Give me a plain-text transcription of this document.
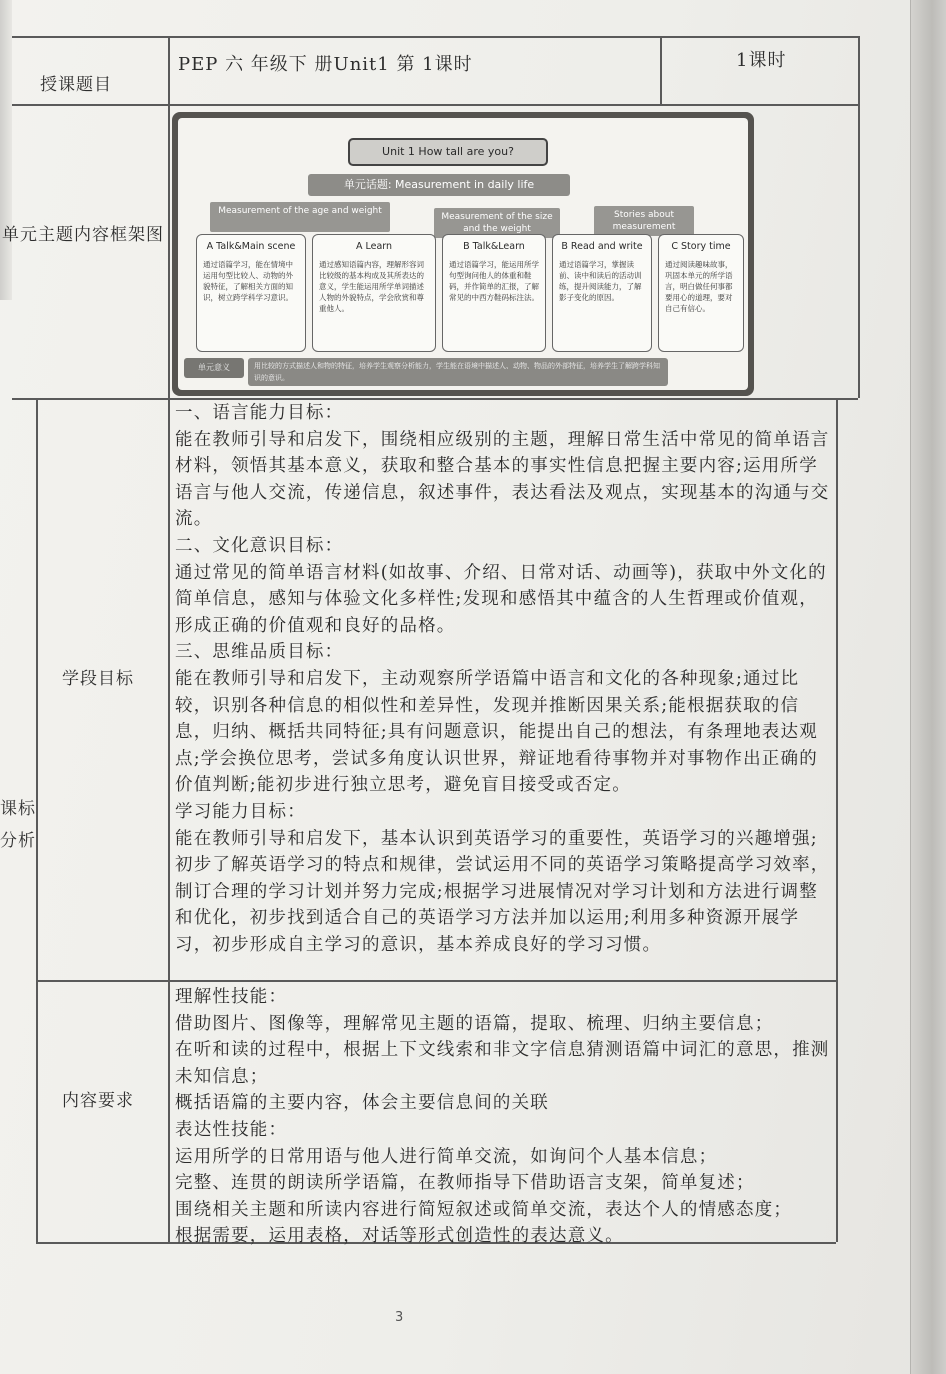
授课题目
PEP 六 年级下 册Unit1 第 1课时	1课时
单元主题内容框架图
Unit 1 How tall are you?
单元话题: Measurement in daily life
Measurement of the age and weight
Measurement of the size and the weight
Stories about measurement
A Talk&Main scene
通过语篇学习，能在情境中运用句型比较人、动物的外貌特征，了解相关方面的知识，树立跨学科学习意识。
A Learn
通过感知语篇内容，理解形容词比较级的基本构成及其所表达的意义，学生能运用所学单词描述人物的外貌特点，学会欣赏和尊重他人。
B Talk&Learn
通过语篇学习，能运用所学句型询问他人的体重和鞋码，并作简单的汇报，了解常见的中西方鞋码标注法。
B Read and write
通过语篇学习，掌握读前、读中和读后的活动训练，提升阅读能力，了解影子变化的原因。
C Story time
通过阅读趣味故事，巩固本单元的所学语言，明白做任何事都要用心的道理，要对自己有信心。
单元意义	用比较的方式描述人和物的特征，培养学生观察分析能力，学生能在语境中描述人、动物、物品的外部特征，培养学生了解跨学科知识的意识。
课标
分析
学段目标
内容要求
一、语言能力目标：
能在教师引导和启发下，围绕相应级别的主题，理解日常生活中常见的简单语言材料，领悟其基本意义，获取和整合基本的事实性信息把握主要内容;运用所学语言与他人交流，传递信息，叙述事件，表达看法及观点，实现基本的沟通与交流。
二、文化意识目标：
通过常见的简单语言材料(如故事、介绍、日常对话、动画等)，获取中外文化的简单信息，感知与体验文化多样性;发现和感悟其中蕴含的人生哲理或价值观，形成正确的价值观和良好的品格。
三、思维品质目标：
能在教师引导和启发下，主动观察所学语篇中语言和文化的各种现象;通过比较，识别各种信息的相似性和差异性，发现并推断因果关系;能根据获取的信息，归纳、概括共同特征;具有问题意识，能提出自己的想法，有条理地表达观点;学会换位思考，尝试多角度认识世界，辩证地看待事物并对事物作出正确的价值判断;能初步进行独立思考，避免盲目接受或否定。
学习能力目标：
能在教师引导和启发下，基本认识到英语学习的重要性，英语学习的兴趣增强;初步了解英语学习的特点和规律，尝试运用不同的英语学习策略提高学习效率，制订合理的学习计划并努力完成;根据学习进展情况对学习计划和方法进行调整和优化，初步找到适合自己的英语学习方法并加以运用;利用多种资源开展学习，初步形成自主学习的意识，基本养成良好的学习习惯。
理解性技能：
借助图片、图像等，理解常见主题的语篇，提取、梳理、归纳主要信息；
在听和读的过程中，根据上下文线索和非文字信息猜测语篇中词汇的意思，推测未知信息；
概括语篇的主要内容，体会主要信息间的关联
表达性技能：
运用所学的日常用语与他人进行简单交流，如询问个人基本信息；
完整、连贯的朗读所学语篇，在教师指导下借助语言支架，简单复述；
围绕相关主题和所读内容进行简短叙述或简单交流，表达个人的情感态度；
根据需要，运用表格，对话等形式创造性的表达意义。
3
